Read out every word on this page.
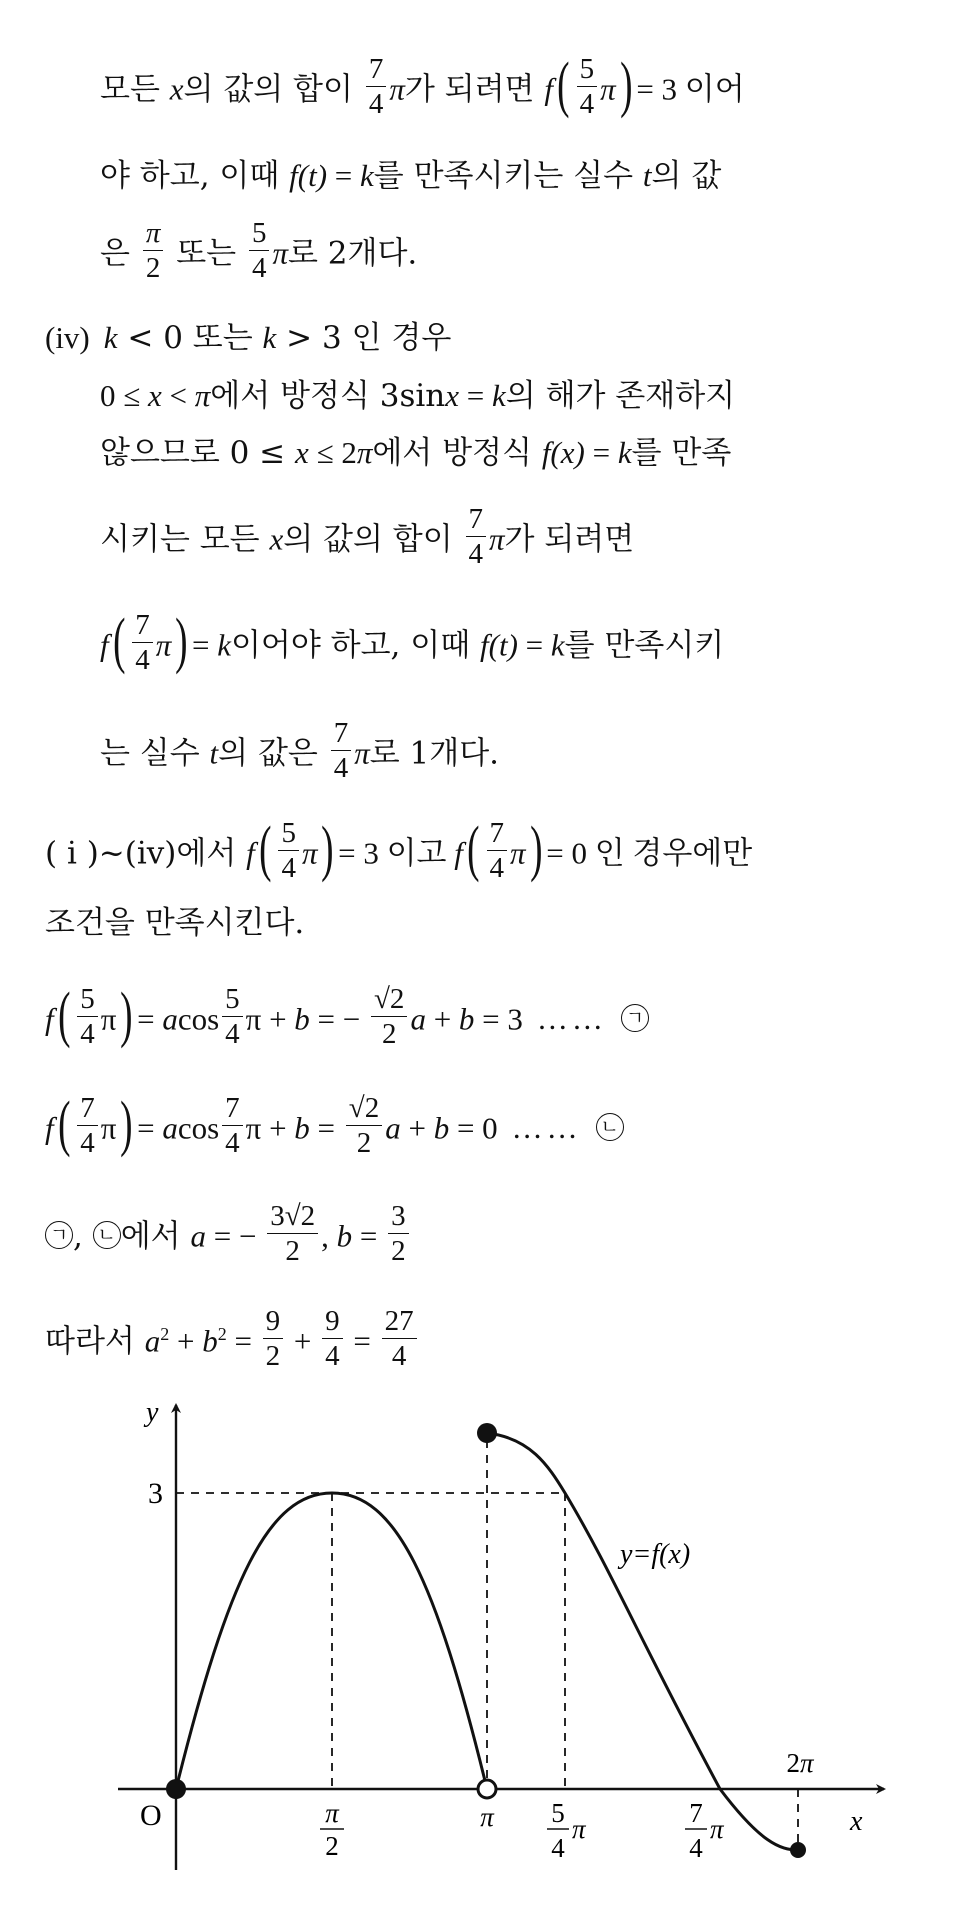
모든 x의 값의 합이 $\frac{7}{4}$ π가 되려면 $f( \frac{5}{4} \pi) = 3$ 이어
야 하고, 이때 f(t) = k를 만족시키는 실수 t의 값
은 $\frac{\pi}{2}$ 또는 $\frac{5}{4}$ π로 2개다.
(iv) k < 0 또는 k > 3 인 경우
0 ≤ x < π에서 방정식 3sinx = k의 해가 존재하지
않으므로 0 ≤ x ≤ 2π에서 방정식 f(x) = k를 만족
시키는 모든 x의 값의 합이 $\frac{7}{4}$ π가 되려면
$f( \frac{7}{4} \pi) = k$이어야 하고, 이때 f(t) = k를 만족시키
는 실수 t의 값은 $\frac{7}{4}$ π로 1개다.
( i )~(iv)에서 $f( \frac{5}{4} \pi) = 3$ 이고 $f( \frac{7}{4} \pi) = 0$ 인 경우에만
조건을 만족시킨다.
$f( \frac{5}{4} \pi) = acos \frac{5}{4}$ π + b = − $\frac{√2}{2}$ a + b = 3 …… ㄱ
$f( \frac{7}{4} \pi) = acos \frac{7}{4}$ $\pi + b = \frac{√2}{2}$ a + b = 0 …… ㄴ
ㄱ , ㄴ 에서 a = − $\frac{3√2}{2}$ , $b = \frac{3}{2}$
따라서 $a^2 + b^2 = \frac{9}{2} + \frac{9}{4} = \frac{27}{4}$
y
x
O
3
y=f(x)
π
2
π 5
4
π
7
4
π
2π
